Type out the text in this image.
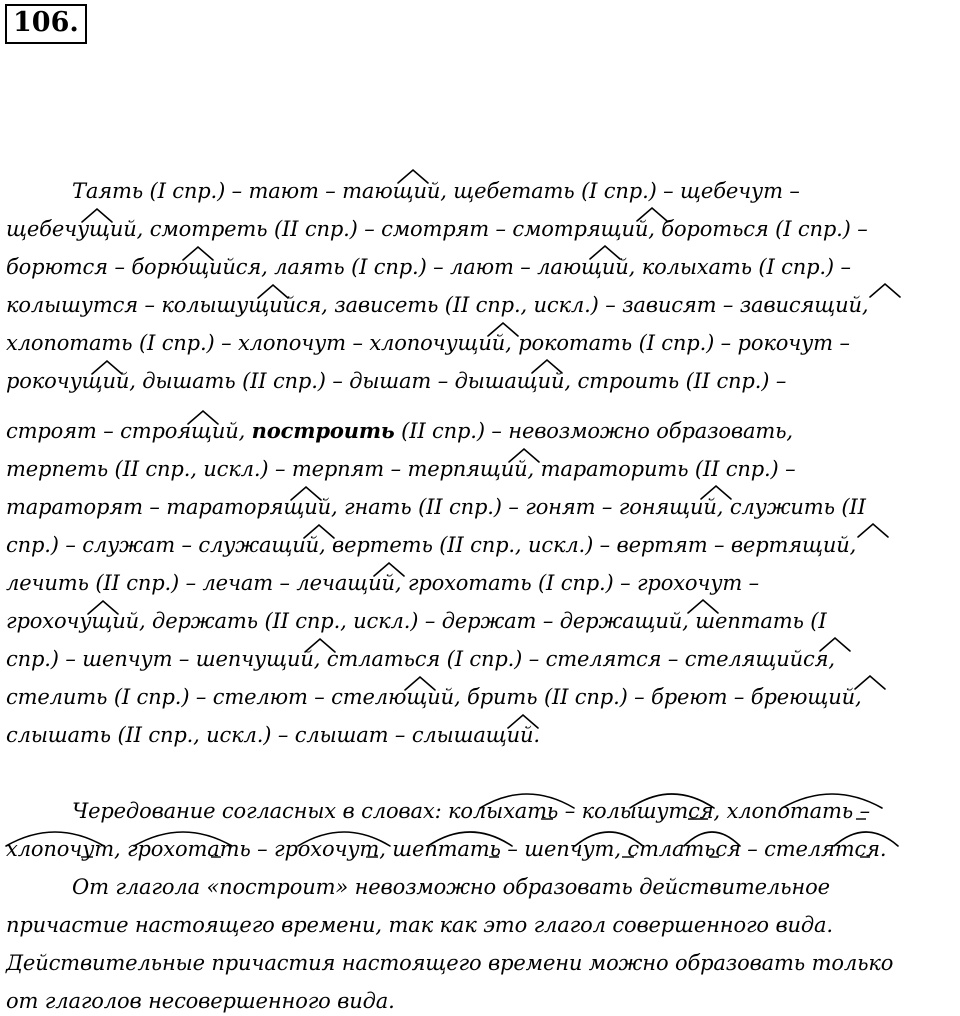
106.
Таять (I спр.) – тают – тающий, щебетать (I спр.) – щебечут –
щебечущий, смотреть (II спр.) – смотрят – смотрящий, бороться (I спр.) –
борются – борющийся, лаять (I спр.) – лают – лающий, колыхать (I спр.) –
колышутся – колышущийся, зависеть (II спр., искл.) – зависят – зависящий,
хлопотать (I спр.) – хлопочут – хлопочущий, рокотать (I спр.) – рокочут –
рокочущий, дышать (II спр.) – дышат – дышащий, строить (II спр.) –
строят – строящий, построить (II спр.) – невозможно образовать,
терпеть (II спр., искл.) – терпят – терпящий, тараторить (II спр.) –
тараторят – тараторящий, гнать (II спр.) – гонят – гонящий, служить (II
спр.) – служат – служащий, вертеть (II спр., искл.) – вертят – вертящий,
лечить (II спр.) – лечат – лечащий, грохотать (I спр.) – грохочут –
грохочущий, держать (II спр., искл.) – держат – держащий, шептать (I
спр.) – шепчут – шепчущий, стлаться (I спр.) – стелятся – стелящийся,
стелить (I спр.) – стелют – стелющий, брить (II спр.) – бреют – бреющий,
слышать (II спр., искл.) – слышат – слышащий.
Чередование согласных в словах: колыхать – колышутся, хлопотать –
хлопочут, грохотать – грохочут, шептать – шепчут, стлаться – стелятся.
От глагола «построит» невозможно образовать действительное
причастие настоящего времени, так как это глагол совершенного вида.
Действительные причастия настоящего времени можно образовать только
от глаголов несовершенного вида.
